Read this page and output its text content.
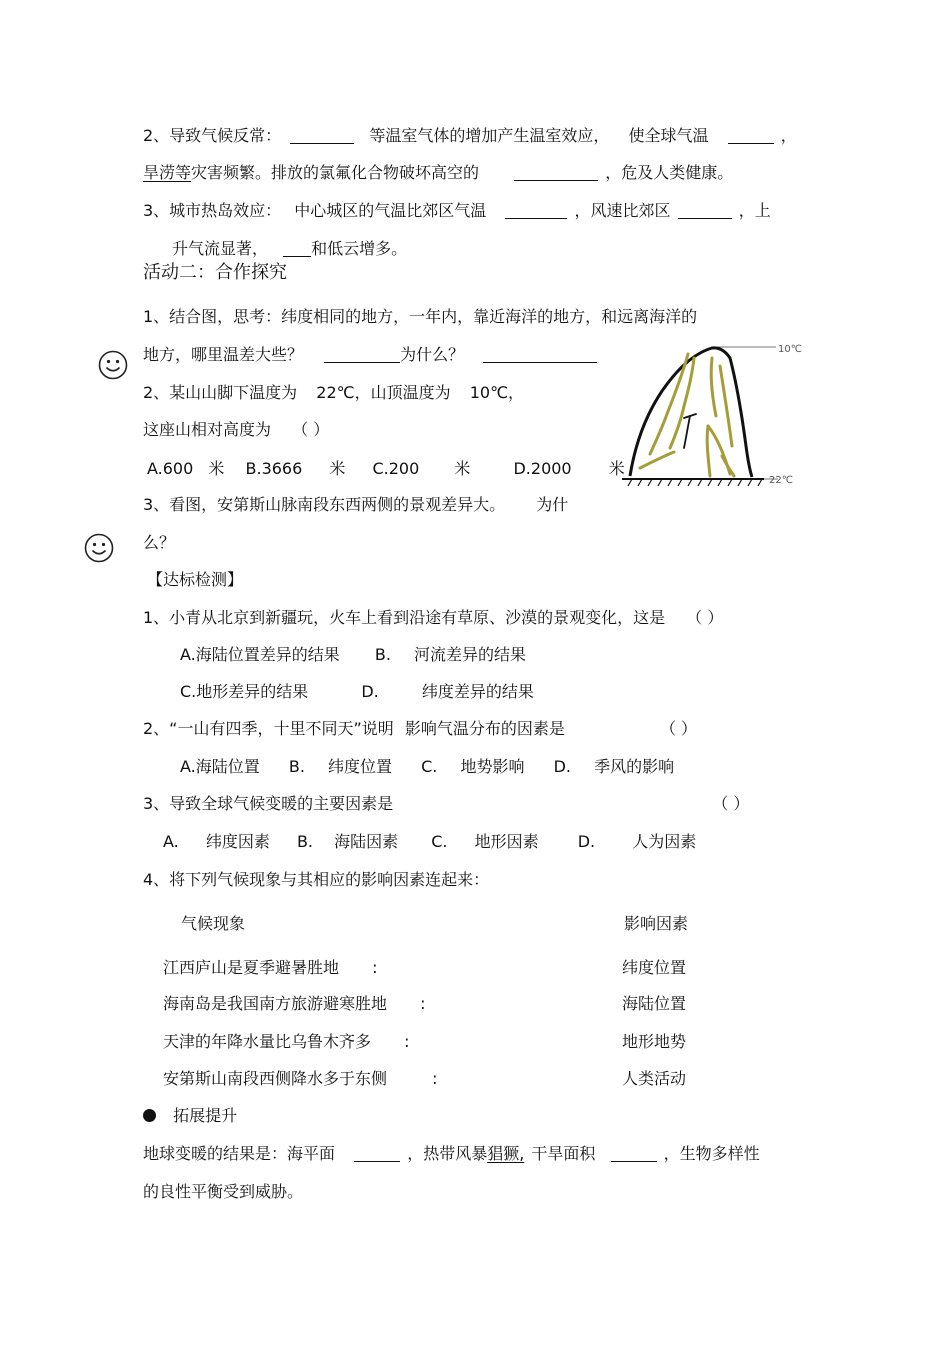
2、导致气候反常：	等温室气体的增加产生温室效应， 使全球气温	，
旱涝等灾害频繁。排放的氯氟化合物破坏高空的	，危及人类健康。
3、城市热岛效应： 中心城区的气温比郊区气温	，风速比郊区	，上
升气流显著，	和低云增多。
活动二：合作探究
1、结合图，思考：纬度相同的地方，一年内，靠近海洋的地方，和远离海洋的
地方，哪里温差大些？	为什么？
2、某山山脚下温度为 22℃，山顶温度为 10℃，
这座山相对高度为 （ ）
A.600 米 B.3666 米 C.200 米	D.2000 米
10℃
22℃
3、看图，安第斯山脉南段东西两侧的景观差异大。 为什
么？
【达标检测】
1、小青从北京到新疆玩，火车上看到沿途有草原、沙漠的景观变化，这是 （ ）
A.海陆位置差异的结果 B. 河流差异的结果
C.地形差异的结果	D.	纬度差异的结果
2、“一山有四季，十里不同天”说明 影响气温分布的因素是	（ ）
A.海陆位置 B. 纬度位置 C. 地势影响 D. 季风的影响
3、导致全球气候变暖的主要因素是	（ ）
A. 纬度因素 B. 海陆因素 C. 地形因素 D. 人为因素
4、将下列气候现象与其相应的影响因素连起来：
气候现象	影响因素
江西庐山是夏季避暑胜地 :	纬度位置
海南岛是我国南方旅游避寒胜地 :	海陆位置
天津的年降水量比乌鲁木齐多 :	地形地势
安第斯山南段西侧降水多于东侧	:	人类活动
拓展提升
地球变暖的结果是：海平面	，热带风暴猖獗, 干旱面积	，生物多样性
的良性平衡受到威胁。
